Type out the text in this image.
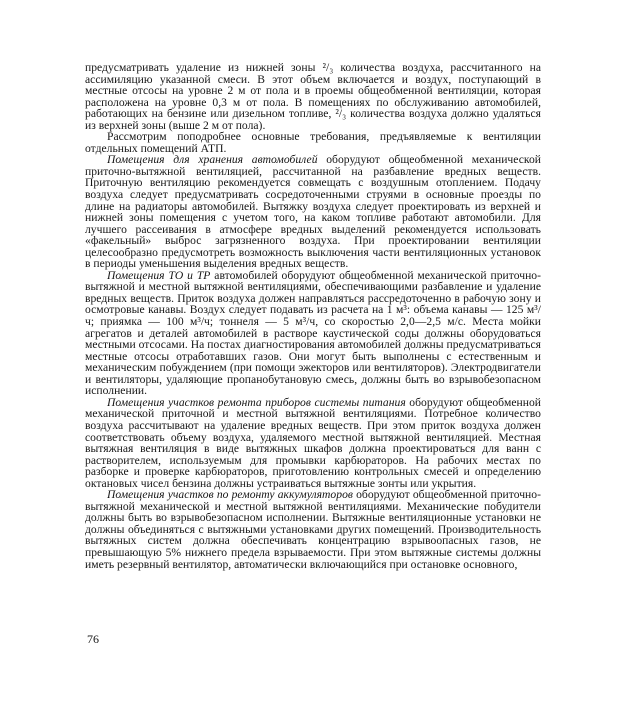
предусматривать удаление из нижней зоны ²/₃ количества воздуха, рассчитанного на ассимиляцию указанной смеси. В этот объем включается и воздух, поступающий в местные отсосы на уровне 2 м от пола и в проемы общеобменной вентиляции, которая расположена на уровне 0,3 м от пола. В помещениях по обслуживанию автомобилей, работающих на бензине или дизельном топливе, ²/₃ количества воздуха должно удаляться из верхней зоны (выше 2 м от пола).

Рассмотрим поподробнее основные требования, предъявляемые к вентиляции отдельных помещений АТП.

Помещения для хранения автомобилей оборудуют общеобменной механической приточно-вытяжной вентиляцией, рассчитанной на разбавление вредных веществ. Приточную вентиляцию рекомендуется совмещать с воздушным отоплением. Подачу воздуха следует предусматривать сосредоточенными струями в основные проезды по длине на радиаторы автомобилей. Вытяжку воздуха следует проектировать из верхней и нижней зоны помещения с учетом того, на каком топливе работают автомобили. Для лучшего рассеивания в атмосфере вредных выделений рекомендуется использовать «факельный» выброс загрязненного воздуха. При проектировании вентиляции целесообразно предусмотреть возможность выключения части вентиляционных установок в периоды уменьшения выделения вредных веществ.

Помещения ТО и ТР автомобилей оборудуют общеобменной механической приточно-вытяжной и местной вытяжной вентиляциями, обеспечивающими разбавление и удаление вредных веществ. Приток воздуха должен направляться рассредоточенно в рабочую зону и осмотровые канавы. Воздух следует подавать из расчета на 1 м³: объема канавы — 125 м³/ч; приямка — 100 м³/ч; тоннеля — 5 м³/ч, со скоростью 2,0—2,5 м/с. Места мойки агрегатов и деталей автомобилей в растворе каустической соды должны оборудоваться местными отсосами. На постах диагностирования автомобилей должны предусматриваться местные отсосы отработавших газов. Они могут быть выполнены с естественным и механическим побуждением (при помощи эжекторов или вентиляторов). Электродвигатели и вентиляторы, удаляющие пропанобутановую смесь, должны быть во взрывобезопасном исполнении.

Помещения участков ремонта приборов системы питания оборудуют общеобменной механической приточной и местной вытяжной вентиляциями. Потребное количество воздуха рассчитывают на удаление вредных веществ. При этом приток воздуха должен соответствовать объему воздуха, удаляемого местной вытяжной вентиляцией. Местная вытяжная вентиляция в виде вытяжных шкафов должна проектироваться для ванн с растворителем, используемым для промывки карбюраторов. На рабочих местах по разборке и проверке карбюраторов, приготовлению контрольных смесей и определению октановых чисел бензина должны устраиваться вытяжные зонты или укрытия.

Помещения участков по ремонту аккумуляторов оборудуют общеобменной приточно-вытяжной механической и местной вытяжной вентиляциями. Механические побудители должны быть во взрывобезопасном исполнении. Вытяжные вентиляционные установки не должны объединяться с вытяжными установками других помещений. Производительность вытяжных систем должна обеспечивать концентрацию взрывоопасных газов, не превышающую 5% нижнего предела взрываемости. При этом вытяжные системы должны иметь резервный вентилятор, автоматически включающийся при остановке основного,

76
